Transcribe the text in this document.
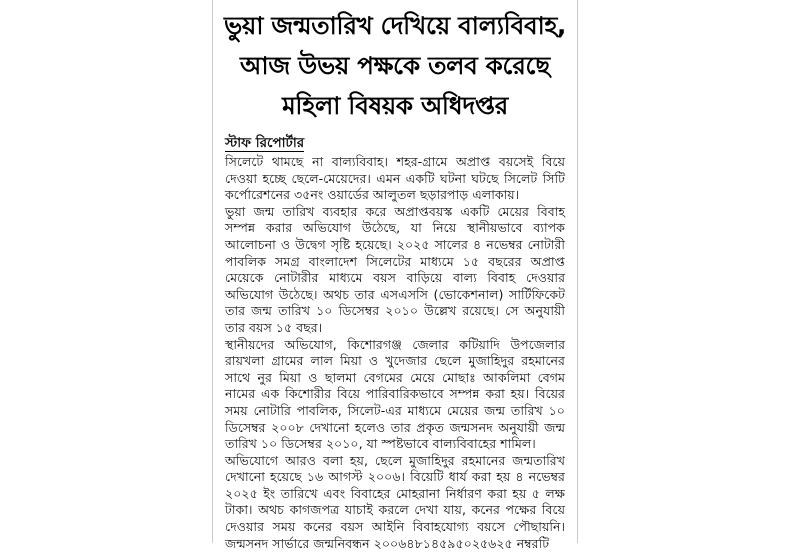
ভুয়া জন্মতারিখ দেখিয়ে বাল্যবিবাহ, আজ উভয় পক্ষকে তলব করেছে মহিলা বিষয়ক অধিদপ্তর
স্টাফ রিপোর্টার

সিলেটে থামছে না বাল্যবিবাহ। শহর-গ্রামে অপ্রাপ্ত বয়সেই বিয়ে দেওয়া হচ্ছে ছেলে-মেয়েদের। এমন একটি ঘটনা ঘটছে সিলেট সিটি কর্পোরেশনের ৩৫নং ওয়ার্ডের আলুতল ছড়ারপাড় এলাকায়।

ভুয়া জন্ম তারিখ ব্যবহার করে অপ্রাপ্তবয়স্ক একটি মেয়ের বিবাহ সম্পন্ন করার অভিযোগ উঠেছে, যা নিয়ে স্থানীয়ভাবে ব্যাপক আলোচনা ও উদ্বেগ সৃষ্টি হয়েছে। ২০২৫ সালের ৪ নভেম্বর নোটারী পাবলিক সমগ্র বাংলাদেশ সিলেটের মাধ্যমে ১৫ বছরের অপ্রাপ্ত মেয়েকে নোটারীর মাধ্যমে বয়স বাড়িয়ে বাল্য বিবাহ দেওয়ার অভিযোগ উঠেছে। অথচ তার এসএসসি (ভোকেশনাল) সার্টিফিকেট তার জন্ম তারিখ ১০ ডিসেম্বর ২০১০ উল্লেখ রয়েছে। সে অনুযায়ী তার বয়স ১৫ বছর।

স্থানীয়দের অভিযোগ, কিশোরগঞ্জ জেলার কটিয়াদি উপজেলার রায়খলা গ্রামের লাল মিয়া ও খুদেজার ছেলে মুজাহিদুর রহমানের সাথে নুর মিয়া ও ছালমা বেগমের মেয়ে মোছাঃ আকলিমা বেগম নামের এক কিশোরীর বিয়ে পারিবারিকভাবে সম্পন্ন করা হয়। বিয়ের সময় নোটারি পাবলিক, সিলেট-এর মাধ্যমে মেয়ের জন্ম তারিখ ১০ ডিসেম্বর ২০০৮ দেখানো হলেও তার প্রকৃত জন্মসনদ অনুযায়ী জন্ম তারিখ ১০ ডিসেম্বর ২০১০, যা স্পষ্টভাবে বাল্যবিবাহের শামিল।

অভিযোগে আরও বলা হয়, ছেলে মুজাহিদুর রহমানের জন্মতারিখ দেখানো হয়েছে ১৬ আগস্ট ২০০৬। বিয়েটি ধার্য করা হয় ৪ নভেম্বর ২০২৫ ইং তারিখে এবং বিবাহের মোহরানা নির্ধারণ করা হয় ৫ লক্ষ টাকা। অথচ কাগজপত্র যাচাই করলে দেখা যায়, কনের পক্ষের বিয়ে দেওয়ার সময় কনের বয়স আইনি বিবাহযোগ্য বয়সে পৌছায়নি। জন্মসনদ সার্ভারে জন্মনিবন্ধন ২০০৬৪৮১৪৫৯৫০২৫৬২৫ নম্বরটি
